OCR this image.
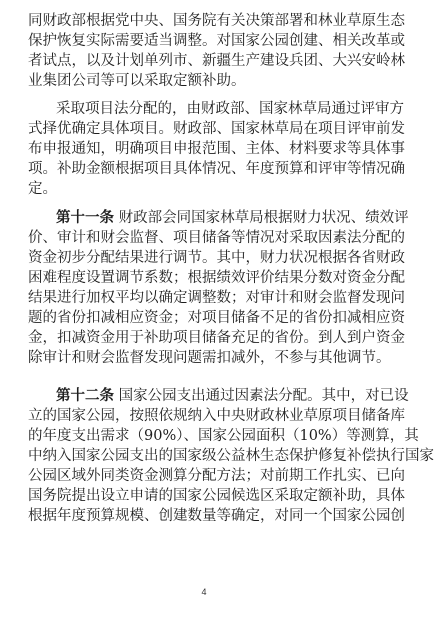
同财政部根据党中央、国务院有关决策部署和林业草原生态
保护恢复实际需要适当调整。对国家公园创建、相关改革或
者试点，以及计划单列市、新疆生产建设兵团、大兴安岭林
业集团公司等可以采取定额补助。
采取项目法分配的，由财政部、国家林草局通过评审方
式择优确定具体项目。财政部、国家林草局在项目评审前发
布申报通知，明确项目申报范围、主体、材料要求等具体事
项。补助金额根据项目具体情况、年度预算和评审等情况确
定。
第十一条 财政部会同国家林草局根据财力状况、绩效评
价、审计和财会监督、项目储备等情况对采取因素法分配的
资金初步分配结果进行调节。其中，财力状况根据各省财政
困难程度设置调节系数；根据绩效评价结果分数对资金分配
结果进行加权平均以确定调整数；对审计和财会监督发现问
题的省份扣减相应资金；对项目储备不足的省份扣减相应资
金，扣减资金用于补助项目储备充足的省份。到人到户资金
除审计和财会监督发现问题需扣减外，不参与其他调节。
第十二条 国家公园支出通过因素法分配。其中，对已设
立的国家公园，按照依规纳入中央财政林业草原项目储备库
的年度支出需求（90%）、国家公园面积（10%）等测算，其
中纳入国家公园支出的国家级公益林生态保护修复补偿执行国家
公园区域外同类资金测算分配方法；对前期工作扎实、已向
国务院提出设立申请的国家公园候选区采取定额补助，具体
根据年度预算规模、创建数量等确定，对同一个国家公园创
4
